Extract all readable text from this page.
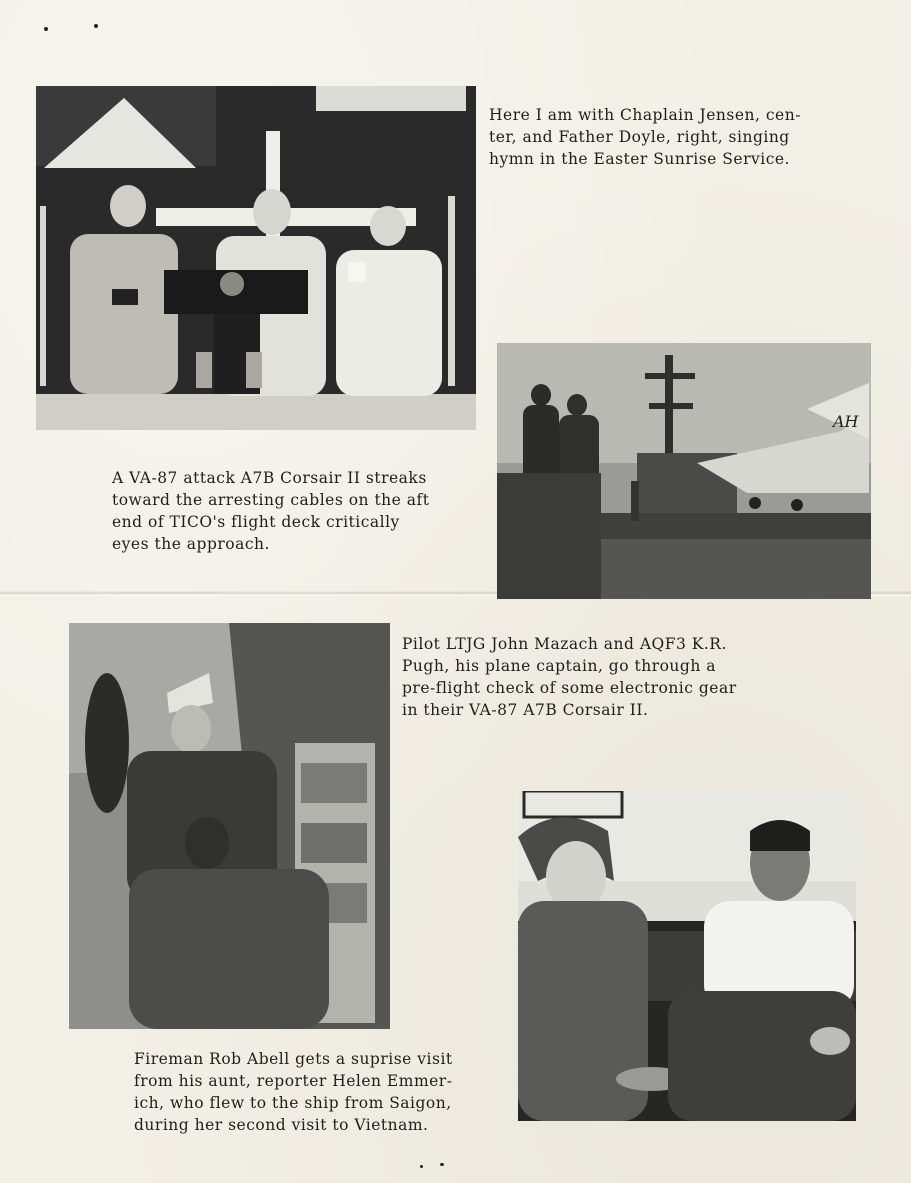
Here I am with Chaplain Jensen, cen-
ter, and Father Doyle, right, singing
hymn in the Easter Sunrise Service.
AH
A VA-87 attack A7B Corsair II streaks
toward the arresting cables on the aft
end of TICO's flight deck critically
eyes the approach.
Pilot LTJG John Mazach and AQF3 K.R.
Pugh, his plane captain, go through a
pre-flight check of some electronic gear
in their VA-87 A7B Corsair II.
Fireman Rob Abell gets a suprise visit
from his aunt, reporter Helen Emmer-
ich, who flew to the ship from Saigon,
during her second visit to Vietnam.
